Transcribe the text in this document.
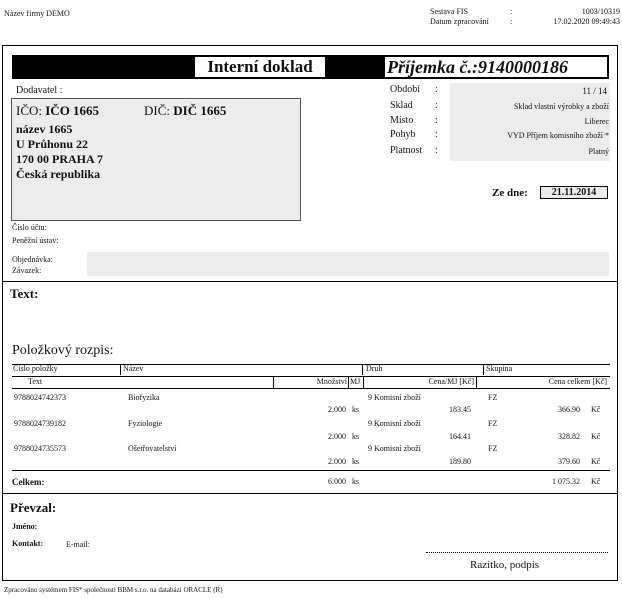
Název firmy DEMO	Sestava FIS	:	1003/10319
Datum zpracování	:	17.02.2020 09:49:43
Interní doklad	Příjemka č.:9140000186
Dodavatel :
IČO: IČO 1665	DIČ: DIČ 1665
název 1665
U Průhonu 22
170 00 PRAHA 7
Česká republika
Období :	11 / 14
Sklad :	Sklad vlastní výrobky a zboží
Místo :	Liberec
Pohyb :	VYD Příjem komisního zboží *
Platnost :	Platný
Ze dne:	21.11.2014
Číslo účtu:
Peněžní ústav:
Objednávka:
Závazek:
Text:
Položkový rozpis:
Číslo položky	Název	Druh	Skupina
Text	Množství MJ	Cena/MJ [Kč]	Cena celkem [Kč]
9788024742373	Biofyzika	9 Komisní zboží	FZ
2.000 ks	183.45	366.90 Kč
9788024739182	Fyziologie	9 Komisní zboží	FZ
2.000 ks	164.41	328.82 Kč
9788024735573	Ošetřovatelství	9 Komisní zboží	FZ
2.000 ks	189.80	379.60 Kč
Celkem:	6.000 ks	1 075.32 Kč
Převzal:
Jméno:
Kontakt:	E-mail:
Razítko, podpis
Zpracováno systémem FIS* společnosti BBM s.r.o. na databázi ORACLE (R)
